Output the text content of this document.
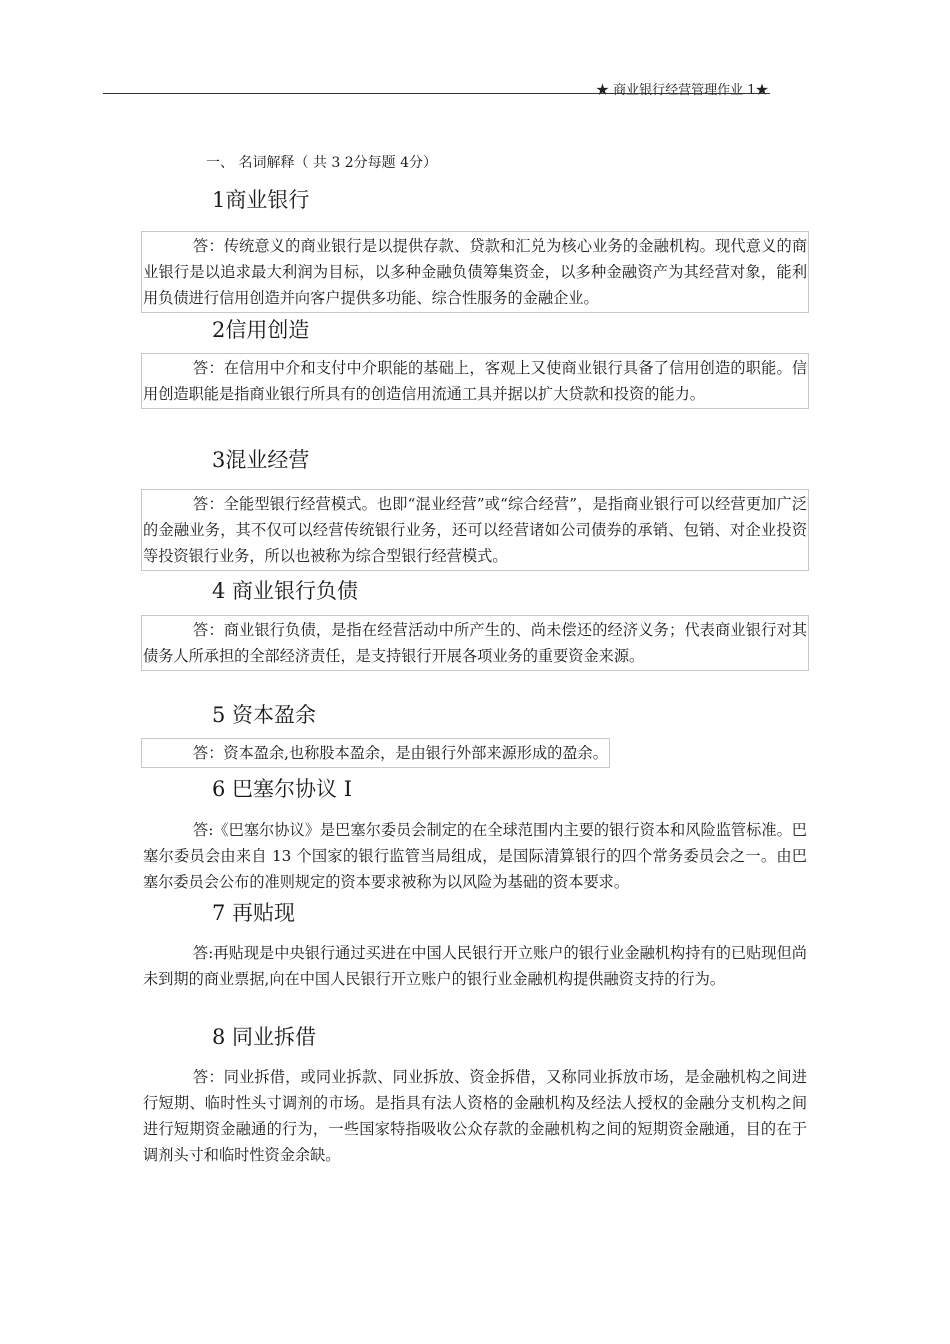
★ 商业银行经营管理作业 1★
一、 名词解释（ 共 3 2分每题 4分）
1商业银行

答：传统意义的商业银行是以提供存款、贷款和汇兑为核心业务的金融机构。现代意义的商业银行是以追求最大利润为目标，以多种金融负债筹集资金，以多种金融资产为其经营对象，能利用负债进行信用创造并向客户提供多功能、综合性服务的金融企业。

2信用创造

答：在信用中介和支付中介职能的基础上，客观上又使商业银行具备了信用创造的职能。信用创造职能是指商业银行所具有的创造信用流通工具并据以扩大贷款和投资的能力。

3混业经营

答：全能型银行经营模式。也即“混业经营”或“综合经营”，是指商业银行可以经营更加广泛的金融业务，其不仅可以经营传统银行业务，还可以经营诸如公司债券的承销、包销、对企业投资等投资银行业务，所以也被称为综合型银行经营模式。

4 商业银行负债

答：商业银行负债，是指在经营活动中所产生的、尚未偿还的经济义务；代表商业银行对其债务人所承担的全部经济责任，是支持银行开展各项业务的重要资金来源。

5 资本盈余

答：资本盈余,也称股本盈余，是由银行外部来源形成的盈余。

6 巴塞尔协议 I

答:《巴塞尔协议》是巴塞尔委员会制定的在全球范围内主要的银行资本和风险监管标准。巴塞尔委员会由来自 13 个国家的银行监管当局组成，是国际清算银行的四个常务委员会之一。由巴塞尔委员会公布的准则规定的资本要求被称为以风险为基础的资本要求。

7 再贴现

答:再贴现是中央银行通过买进在中国人民银行开立账户的银行业金融机构持有的已贴现但尚未到期的商业票据,向在中国人民银行开立账户的银行业金融机构提供融资支持的行为。

8 同业拆借

答：同业拆借，或同业拆款、同业拆放、资金拆借，又称同业拆放市场，是金融机构之间进行短期、临时性头寸调剂的市场。是指具有法人资格的金融机构及经法人授权的金融分支机构之间进行短期资金融通的行为，一些国家特指吸收公众存款的金融机构之间的短期资金融通，目的在于调剂头寸和临时性资金余缺。
